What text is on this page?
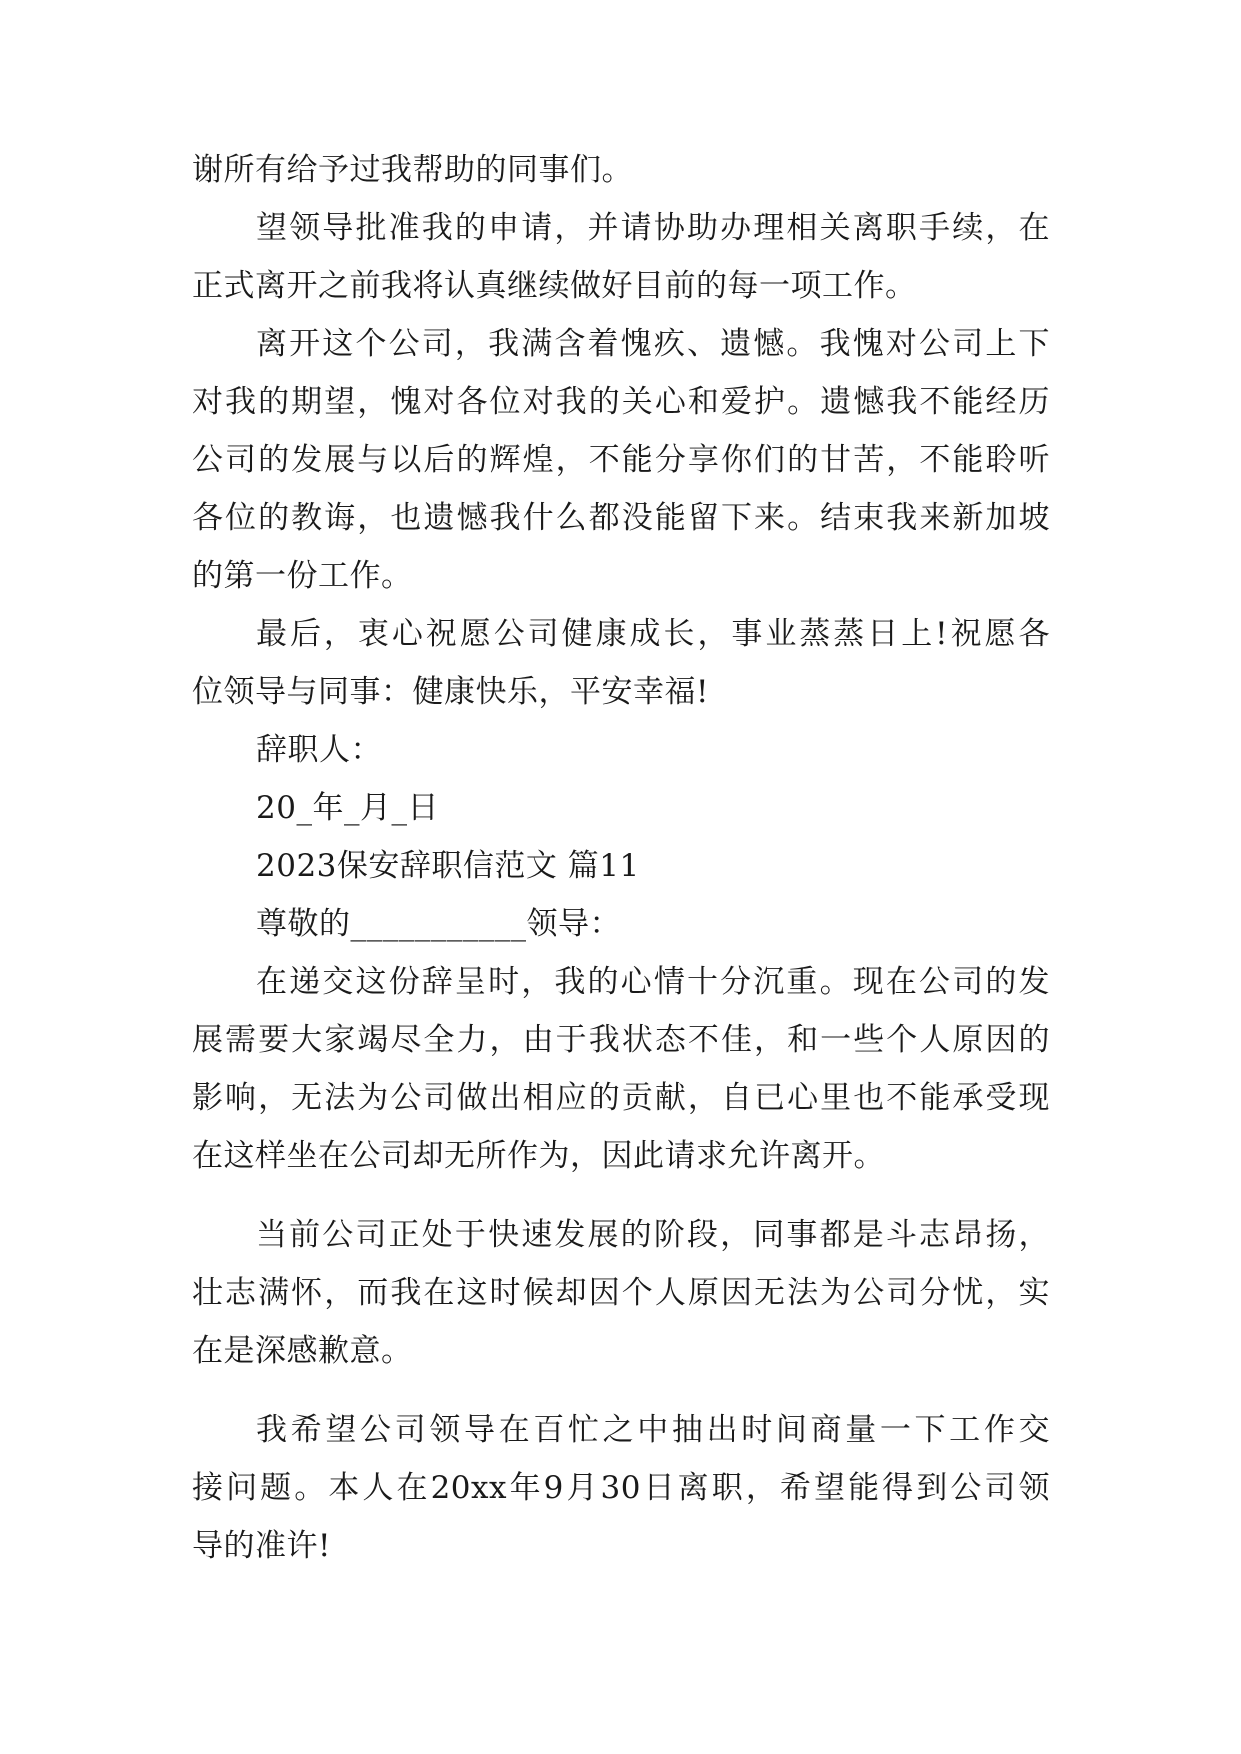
谢所有给予过我帮助的同事们。
望领导批准我的申请，并请协助办理相关离职手续，在
正式离开之前我将认真继续做好目前的每一项工作。
离开这个公司，我满含着愧疚、遗憾。我愧对公司上下
对我的期望，愧对各位对我的关心和爱护。遗憾我不能经历
公司的发展与以后的辉煌，不能分享你们的甘苦，不能聆听
各位的教诲，也遗憾我什么都没能留下来。结束我来新加坡
的第一份工作。
最后，衷心祝愿公司健康成长，事业蒸蒸日上!祝愿各
位领导与同事：健康快乐，平安幸福!
辞职人：
20_年_月_日
2023保安辞职信范文 篇11
尊敬的___________领导：
在递交这份辞呈时，我的心情十分沉重。现在公司的发
展需要大家竭尽全力，由于我状态不佳，和一些个人原因的
影响，无法为公司做出相应的贡献，自已心里也不能承受现
在这样坐在公司却无所作为，因此请求允许离开。
当前公司正处于快速发展的阶段，同事都是斗志昂扬，
壮志满怀，而我在这时候却因个人原因无法为公司分忧，实
在是深感歉意。
我希望公司领导在百忙之中抽出时间商量一下工作交
接问题。本人在20xx年9月30日离职，希望能得到公司领
导的准许!
